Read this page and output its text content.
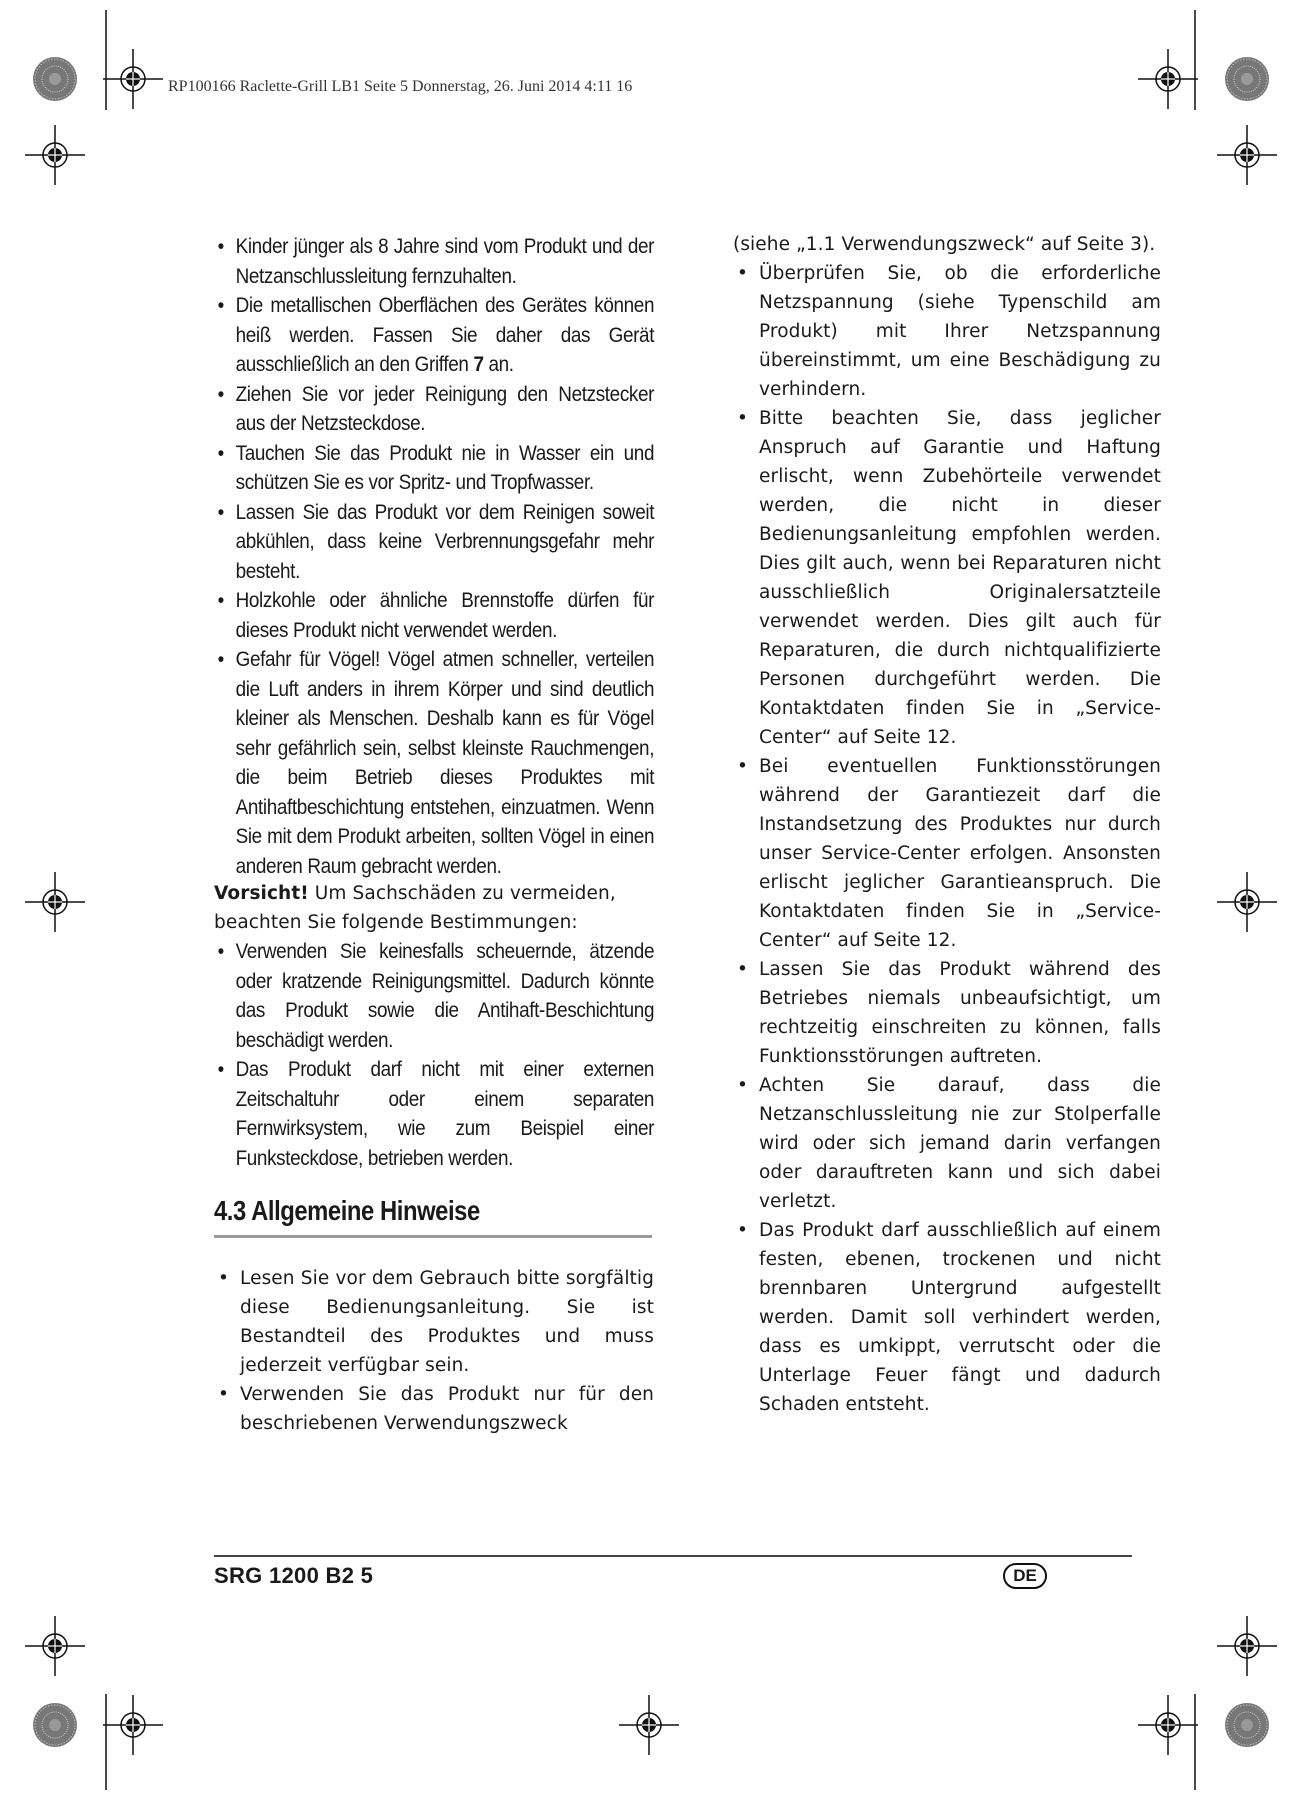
RP100166 Raclette-Grill LB1 Seite 5 Donnerstag, 26. Juni 2014 4:11 16
• Kinder jünger als 8 Jahre sind vom Produkt und der Netzanschlussleitung fernzuhalten.
• Die metallischen Oberflächen des Gerätes können heiß werden. Fassen Sie daher das Gerät ausschließlich an den Griffen 7 an.
• Ziehen Sie vor jeder Reinigung den Netzstecker aus der Netzsteckdose.
• Tauchen Sie das Produkt nie in Wasser ein und schützen Sie es vor Spritz- und Tropfwasser.
• Lassen Sie das Produkt vor dem Reinigen soweit abkühlen, dass keine Verbrennungsgefahr mehr besteht.
• Holzkohle oder ähnliche Brennstoffe dürfen für dieses Produkt nicht verwendet werden.
• Gefahr für Vögel! Vögel atmen schneller, verteilen die Luft anders in ihrem Körper und sind deutlich kleiner als Menschen. Deshalb kann es für Vögel sehr gefährlich sein, selbst kleinste Rauchmengen, die beim Betrieb dieses Produktes mit Antihaftbeschichtung entstehen, einzuatmen. Wenn Sie mit dem Produkt arbeiten, sollten Vögel in einen anderen Raum gebracht werden.

Vorsicht! Um Sachschäden zu vermeiden, beachten Sie folgende Bestimmungen:

• Verwenden Sie keinesfalls scheuernde, ätzende oder kratzende Reinigungsmittel. Dadurch könnte das Produkt sowie die Antihaft-Beschichtung beschädigt werden.
• Das Produkt darf nicht mit einer externen Zeitschaltuhr oder einem separaten Fernwirksystem, wie zum Beispiel einer Funksteckdose, betrieben werden.
4.3 Allgemeine Hinweise
• Lesen Sie vor dem Gebrauch bitte sorgfältig diese Bedienungsanleitung. Sie ist Bestandteil des Produktes und muss jederzeit verfügbar sein.
• Verwenden Sie das Produkt nur für den beschriebenen Verwendungszweck

(siehe „1.1 Verwendungszweck“ auf Seite 3).

• Überprüfen Sie, ob die erforderliche Netzspannung (siehe Typenschild am Produkt) mit Ihrer Netzspannung übereinstimmt, um eine Beschädigung zu verhindern.
• Bitte beachten Sie, dass jeglicher Anspruch auf Garantie und Haftung erlischt, wenn Zubehörteile verwendet werden, die nicht in dieser Bedienungsanleitung empfohlen werden. Dies gilt auch, wenn bei Reparaturen nicht ausschließlich Originalersatzteile verwendet werden. Dies gilt auch für Reparaturen, die durch nichtqualifizierte Personen durchgeführt werden. Die Kontaktdaten finden Sie in „Service-Center“ auf Seite 12.
• Bei eventuellen Funktionsstörungen während der Garantiezeit darf die Instandsetzung des Produktes nur durch unser Service-Center erfolgen. Ansonsten erlischt jeglicher Garantieanspruch. Die Kontaktdaten finden Sie in „Service-Center“ auf Seite 12.
• Lassen Sie das Produkt während des Betriebes niemals unbeaufsichtigt, um rechtzeitig einschreiten zu können, falls Funktionsstörungen auftreten.
• Achten Sie darauf, dass die Netzanschlussleitung nie zur Stolperfalle wird oder sich jemand darin verfangen oder darauftreten kann und sich dabei verletzt.
• Das Produkt darf ausschließlich auf einem festen, ebenen, trockenen und nicht brennbaren Untergrund aufgestellt werden. Damit soll verhindert werden, dass es umkippt, verrutscht oder die Unterlage Feuer fängt und dadurch Schaden entsteht.
SRG 1200 B2 5	DE
